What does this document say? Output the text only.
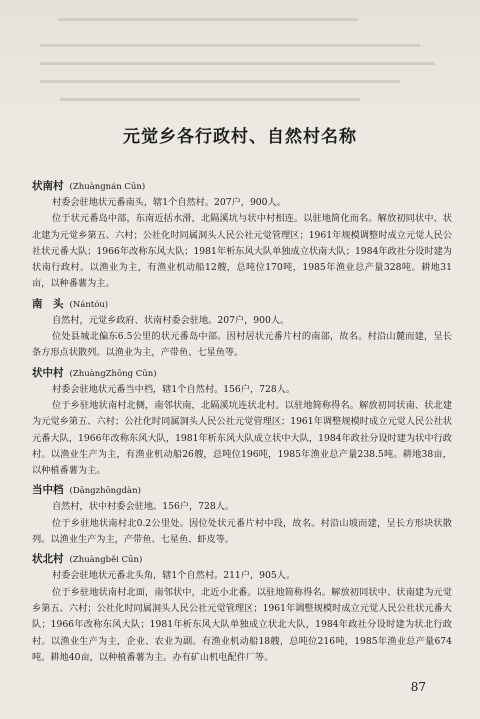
元觉乡各行政村、自然村名称
状南村 (Zhuàngnán Cūn)
村委会驻地状元番南头，辖1个自然村。207户，900人。
位于状元番岛中部，东南近括水滑，北隔溪坑与状中村相连。以驻地简化而名。解放初同状中、状北建为元觉乡第五、六村；公社化时同属洞头人民公社元觉管理区；1961年规模调整时成立元觉人民公社状元番大队；1966年改称东风大队；1981年析东风大队单独成立状南大队；1984年政社分设时建为状南行政村。以渔业为主，有渔业机动船12艘，总吨位170吨，1985年渔业总产量328吨。耕地31亩，以种番薯为主。
南　头 (Nántóu)
自然村，元觉乡政府、状南村委会驻地。207户，900人。
位处县城北偏东6.5公里的状元番岛中部。因村居状元番片村的南部，故名。村沿山麓而建，呈长条方形点状散列。以渔业为主，产带鱼、七星鱼等。
状中村 (ZhuàngZhōng Cūn)
村委会驻地状元番当中档，辖1个自然村。156户，728人。
位于乡驻地状南村北侧，南邻状南，北隔溪坑连状北村。以驻地简称得名。解放初同状南、状北建为元觉乡第五、六村；公社化时同属洞头人民公社元觉管理区；1961年调整规模时成立元觉人民公社状元番大队，1966年改称东风大队，1981年析东风大队成立状中大队，1984年政社分设时建为状中行政村。以渔业生产为主，有渔业机动船26艘，总吨位196吨，1985年渔业总产量238.5吨。耕地38亩，以种植番薯为主。
当中档 (Dāngzhōngdàn)
自然村，状中村委会驻地。156户，728人。
位于乡驻地状南村北0.2公里处。因位处状元番片村中段，故名。村沿山坡而建，呈长方形块状散列。以渔业生产为主，产带鱼、七星鱼、虾皮等。
状北村 (Zhuàngběi Cūn)
村委会驻地状元番北头角，辖1个自然村。211户，905人。
位于乡驻地状南村北面，南邻状中，北近小北番。以驻地简称得名。解放初同状中、状南建为元觉乡第五、六村；公社化时同属洞头人民公社元觉管理区；1961年调整规模时成立元觉人民公社状元番大队；1966年改称东风大队；1981年析东风大队单独成立状北大队，1984年政社分设时建为状北行政村。以渔业生产为主，企业、农业为副。有渔业机动船18艘，总吨位216吨，1985年渔业总产量674吨。耕地40亩，以种植番薯为主。办有矿山机电配件厂等。
87
